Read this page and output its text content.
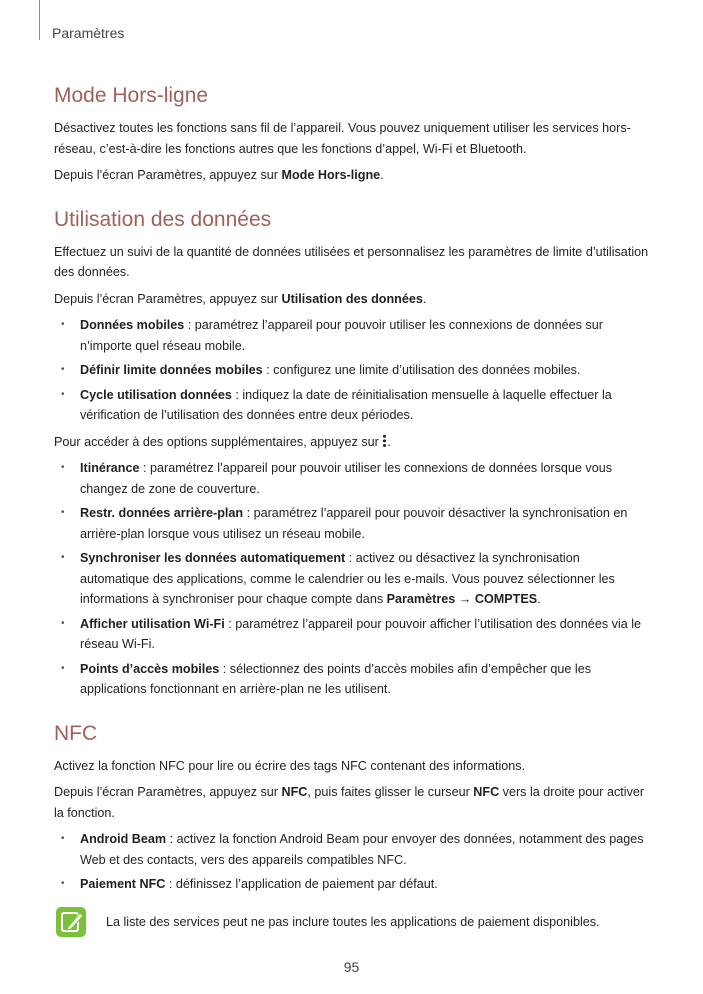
Paramètres
Mode Hors-ligne

Désactivez toutes les fonctions sans fil de l’appareil. Vous pouvez uniquement utiliser les services hors-réseau, c’est-à-dire les fonctions autres que les fonctions d’appel, Wi-Fi et Bluetooth.

Depuis l’écran Paramètres, appuyez sur Mode Hors-ligne.

Utilisation des données

Effectuez un suivi de la quantité de données utilisées et personnalisez les paramètres de limite d’utilisation des données.

Depuis l’écran Paramètres, appuyez sur Utilisation des données.

• Données mobiles : paramétrez l’appareil pour pouvoir utiliser les connexions de données sur n’importe quel réseau mobile.
• Définir limite données mobiles : configurez une limite d’utilisation des données mobiles.
• Cycle utilisation données : indiquez la date de réinitialisation mensuelle à laquelle effectuer la vérification de l’utilisation des données entre deux périodes.

Pour accéder à des options supplémentaires, appuyez sur .

• Itinérance : paramétrez l’appareil pour pouvoir utiliser les connexions de données lorsque vous changez de zone de couverture.
• Restr. données arrière-plan : paramétrez l’appareil pour pouvoir désactiver la synchronisation en arrière-plan lorsque vous utilisez un réseau mobile.
• Synchroniser les données automatiquement : activez ou désactivez la synchronisation automatique des applications, comme le calendrier ou les e-mails. Vous pouvez sélectionner les informations à synchroniser pour chaque compte dans Paramètres → COMPTES.
• Afficher utilisation Wi-Fi : paramétrez l’appareil pour pouvoir afficher l’utilisation des données via le réseau Wi-Fi.
• Points d’accès mobiles : sélectionnez des points d’accès mobiles afin d’empêcher que les applications fonctionnant en arrière-plan ne les utilisent.
NFC

Activez la fonction NFC pour lire ou écrire des tags NFC contenant des informations.

Depuis l’écran Paramètres, appuyez sur NFC, puis faites glisser le curseur NFC vers la droite pour activer la fonction.

• Android Beam : activez la fonction Android Beam pour envoyer des données, notamment des pages Web et des contacts, vers des appareils compatibles NFC.
• Paiement NFC : définissez l’application de paiement par défaut.
La liste des services peut ne pas inclure toutes les applications de paiement disponibles.
95
